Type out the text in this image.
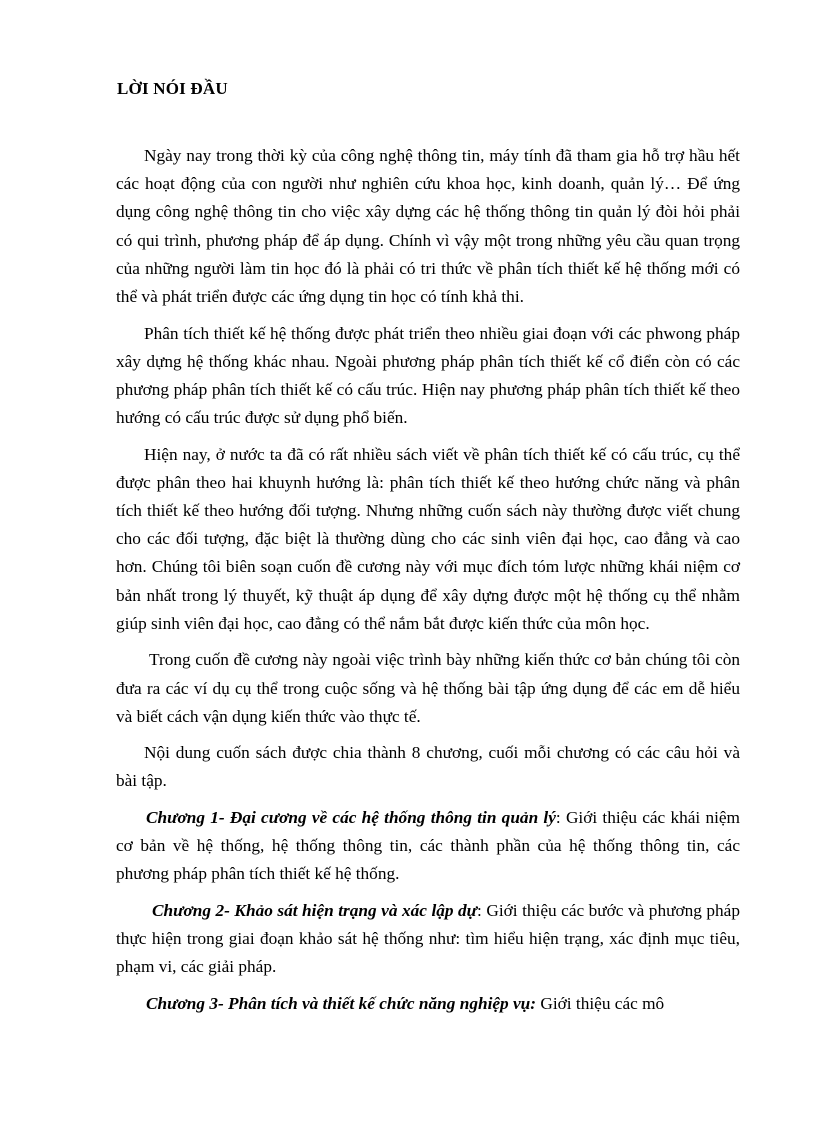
LỜI NÓI ĐẦU

Ngày nay trong thời kỳ của công nghệ thông tin, máy tính đã tham gia hỗ trợ hầu hết các hoạt động của con người như nghiên cứu khoa học, kinh doanh, quản lý… Để ứng dụng công nghệ thông tin cho việc xây dựng các hệ thống thông tin quản lý đòi hỏi phải có qui trình, phương pháp để áp dụng. Chính vì vậy một trong những yêu cầu quan trọng của những người làm tin học đó là phải có tri thức về phân tích thiết kế hệ thống mới có thể và phát triển được các ứng dụng tin học có tính khả thi.

Phân tích thiết kế hệ thống được phát triển theo nhiều giai đoạn với các phwong pháp xây dựng hệ thống khác nhau. Ngoài phương pháp phân tích thiết kế cổ điển còn có các phương pháp phân tích thiết kế có cấu trúc. Hiện nay phương pháp phân tích thiết kế theo hướng có cấu trúc được sử dụng phổ biến.

Hiện nay, ở nước ta đã có rất nhiều sách viết về phân tích thiết kế có cấu trúc, cụ thể được phân theo hai khuynh hướng là: phân tích thiết kế theo hướng chức năng và phân tích thiết kế theo hướng đối tượng. Nhưng những cuốn sách này thường được viết chung cho các đối tượng, đặc biệt là thường dùng cho các sinh viên đại học, cao đẳng và cao hơn. Chúng tôi biên soạn cuốn đề cương này với mục đích tóm lược những khái niệm cơ bản nhất trong lý thuyết, kỹ thuật áp dụng để xây dựng được một hệ thống cụ thể nhằm giúp sinh viên đại học, cao đẳng có thể nắm bắt được kiến thức của môn học.

Trong cuốn đề cương này ngoài việc trình bày những kiến thức cơ bản chúng tôi còn đưa ra các ví dụ cụ thể trong cuộc sống và hệ thống bài tập ứng dụng để các em dễ hiểu và biết cách vận dụng kiến thức vào thực tế.

Nội dung cuốn sách được chia thành 8 chương, cuối mỗi chương có các câu hỏi và bài tập.

Chương 1- Đại cương về các hệ thống thông tin quản lý: Giới thiệu các khái niệm cơ bản về hệ thống, hệ thống thông tin, các thành phần của hệ thống thông tin, các phương pháp phân tích thiết kế hệ thống.

Chương 2- Khảo sát hiện trạng và xác lập dự: Giới thiệu các bước và phương pháp thực hiện trong giai đoạn khảo sát hệ thống như: tìm hiểu hiện trạng, xác định mục tiêu, phạm vi, các giải pháp.

Chương 3- Phân tích và thiết kế chức năng nghiệp vụ: Giới thiệu các mô
